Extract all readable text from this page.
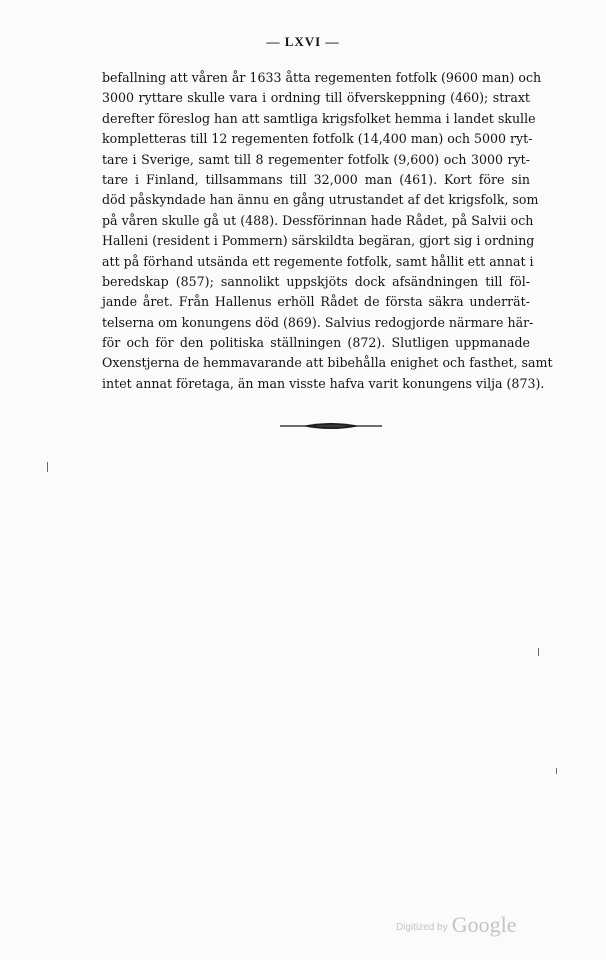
— LXVI —
befallning att våren år 1633 åtta regementen fotfolk (9600 man) och
3000 ryttare skulle vara i ordning till öfverskeppning (460); straxt
derefter föreslog han att samtliga krigsfolket hemma i landet skulle
kompletteras till 12 regementen fotfolk (14,400 man) och 5000 ryt-
tare i Sverige, samt till 8 regementer fotfolk (9,600) och 3000 ryt-
tare i Finland, tillsammans till 32,000 man (461). Kort före sin
död påskyndade han ännu en gång utrustandet af det krigsfolk, som
på våren skulle gå ut (488). Dessförinnan hade Rådet, på Salvii och
Halleni (resident i Pommern) särskildta begäran, gjort sig i ordning
att på förhand utsända ett regemente fotfolk, samt hållit ett annat i
beredskap (857); sannolikt uppskjöts dock afsändningen till föl-
jande året. Från Hallenus erhöll Rådet de första säkra underrät-
telserna om konungens död (869). Salvius redogjorde närmare här-
för och för den politiska ställningen (872). Slutligen uppmanade
Oxenstjerna de hemmavarande att bibehålla enighet och fasthet, samt
intet annat företaga, än man visste hafva varit konungens vilja (873).
Digitized by Google
